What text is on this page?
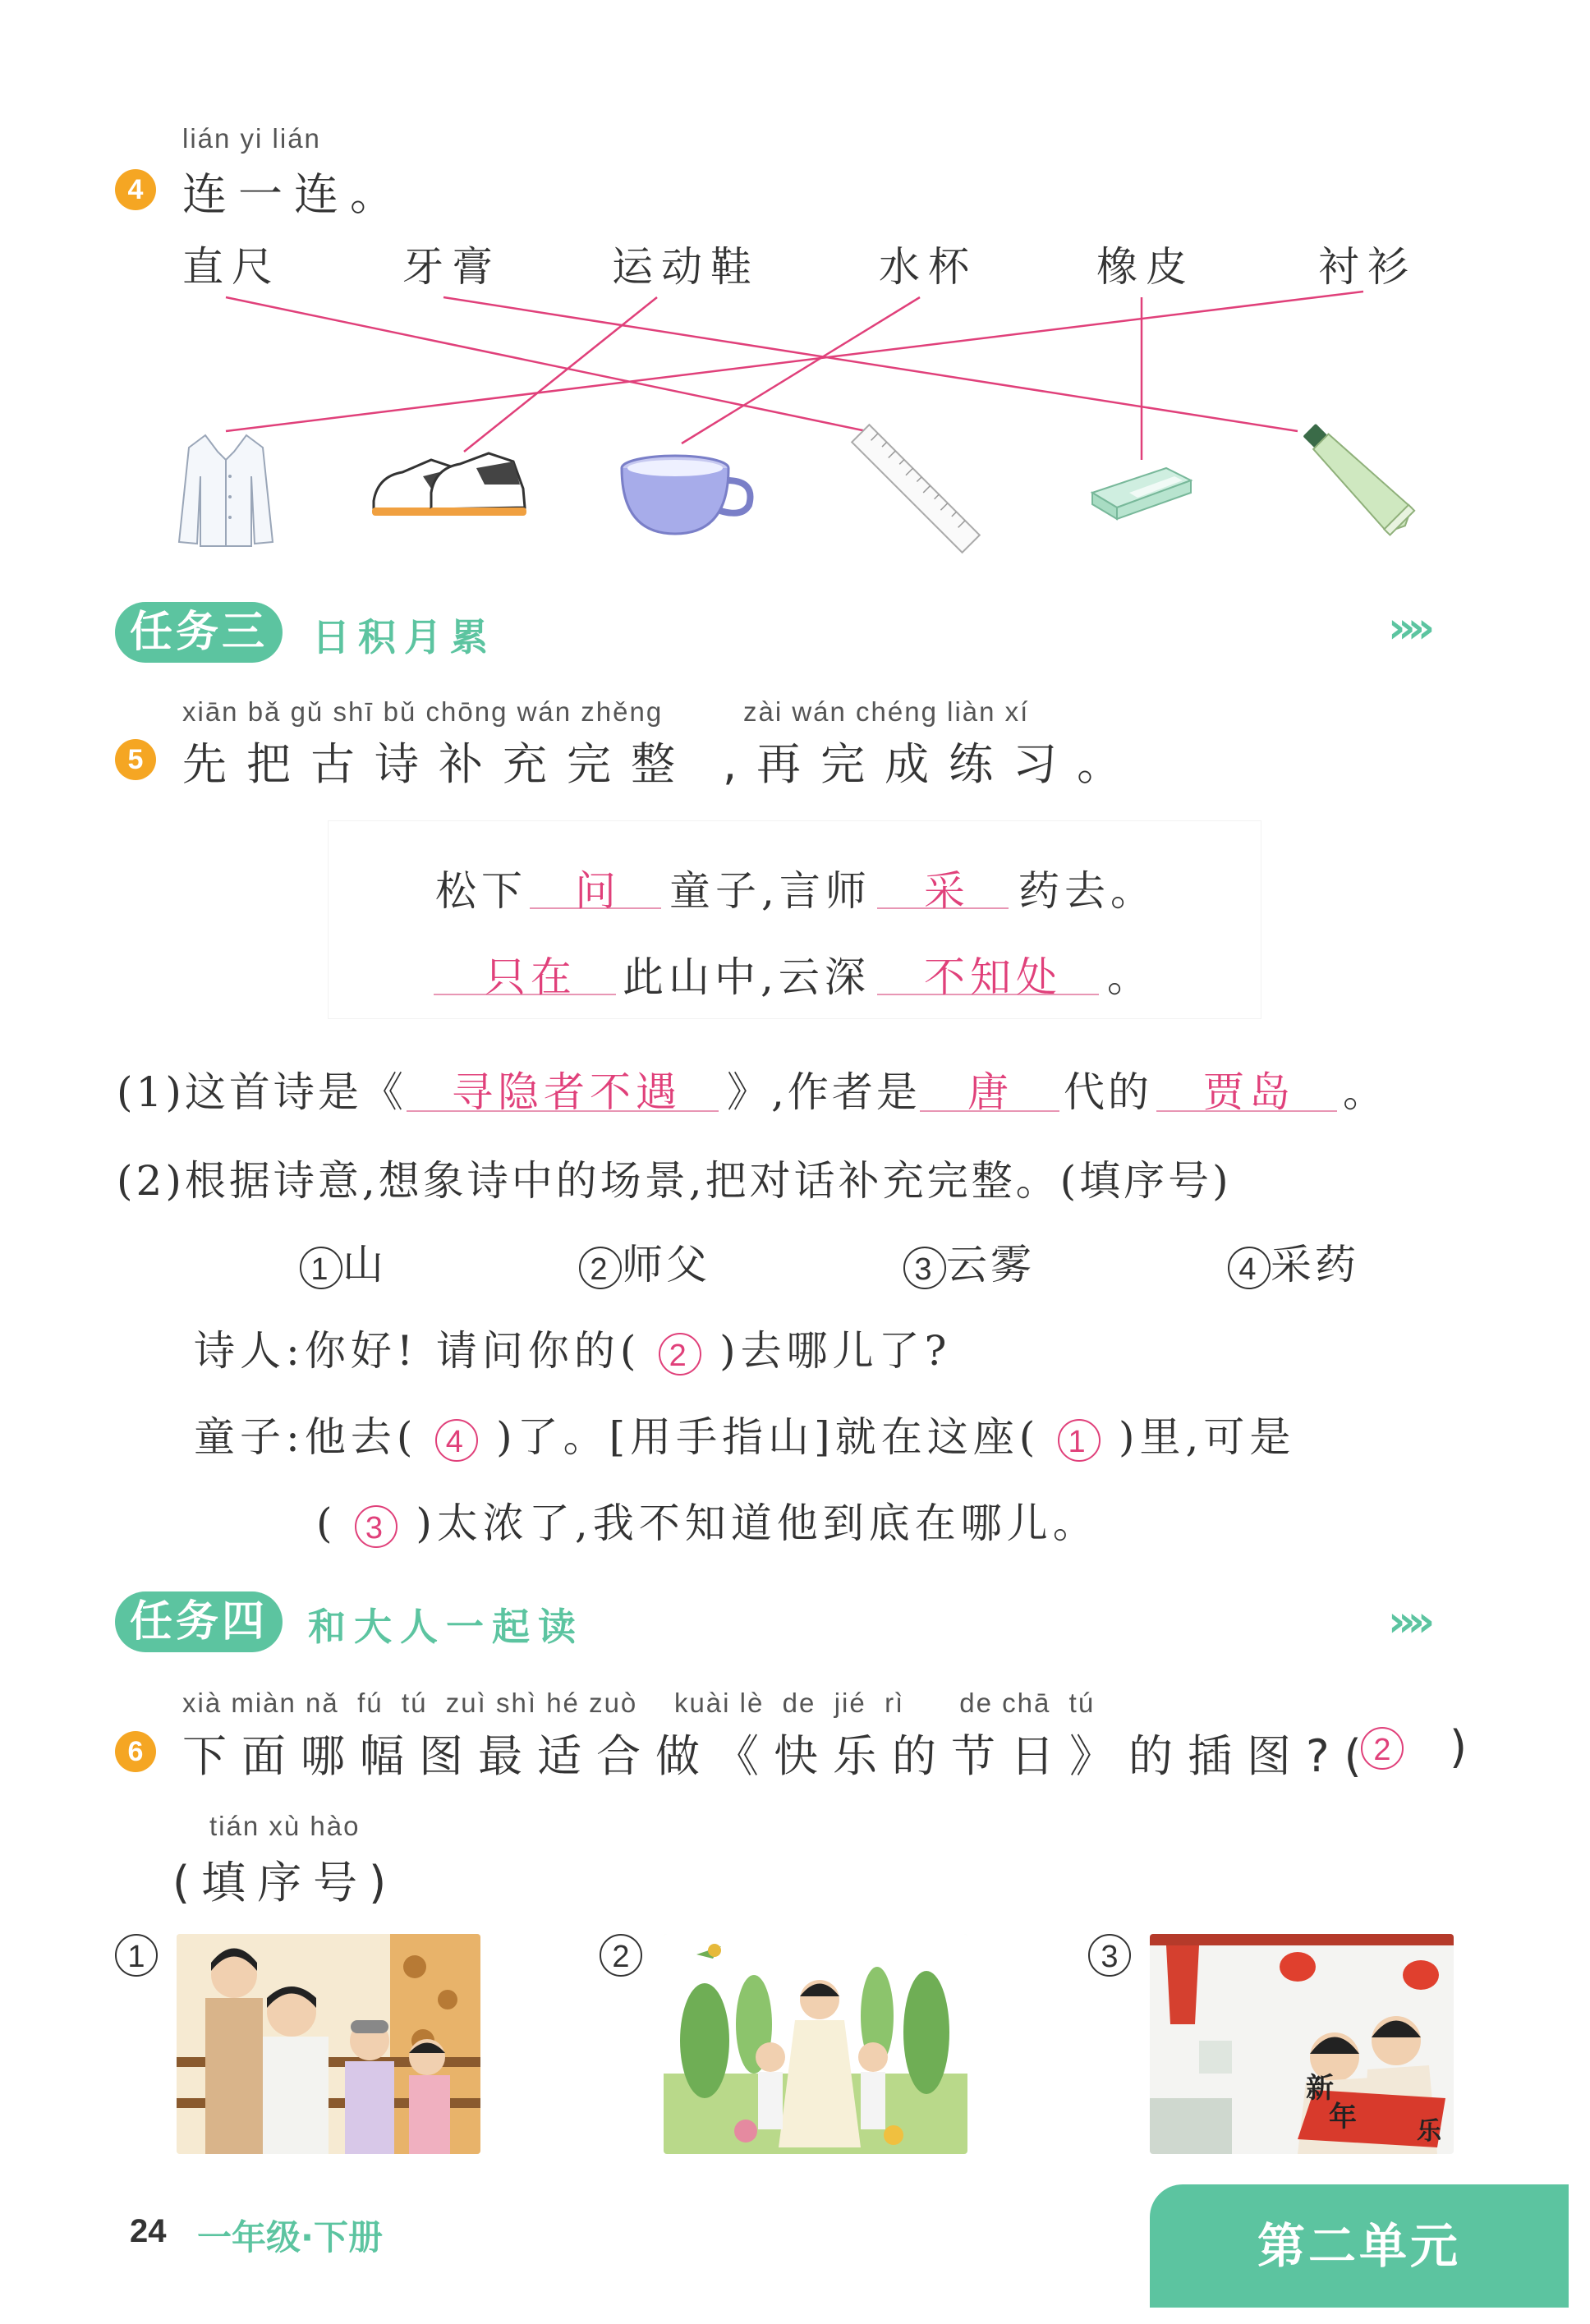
lián yi lián
4 连一连。
直尺	牙膏	运动鞋	水杯	橡皮	衬衫
任务三	日积月累	»»
xiān bǎ gǔ shī bǔ chōng wán zhěng	zài wán chéng liàn xí
5 先把古诗补充完整 ,再完成练习。
松下 问 童子,言师 采 药去。
只在 此山中,云深 不知处 。
(1)这首诗是《 寻隐者不遇 》,作者是 唐 代的 贾岛 。
(2)根据诗意,想象诗中的场景,把对话补充完整。(填序号)
1 山	2 师父	3 云雾	4 采药
诗人:你好! 请问你的( 2 )去哪儿了?
童子:他去( 4 )了。[用手指山]就在这座( 1 )里,可是
( 3 )太浓了,我不知道他到底在哪儿。
任务四	和大人一起读	»»
xià miàn nǎ  fú  tú  zuì shì hé zuò    kuài lè  de  jié  rì      de chā  tú
6 下面哪幅图最适合做《快乐的节日》的插图?(
2 )
tián xù hào
(填序号)
1	2	3
新
年 乐
24 一年级·下册	第二单元
